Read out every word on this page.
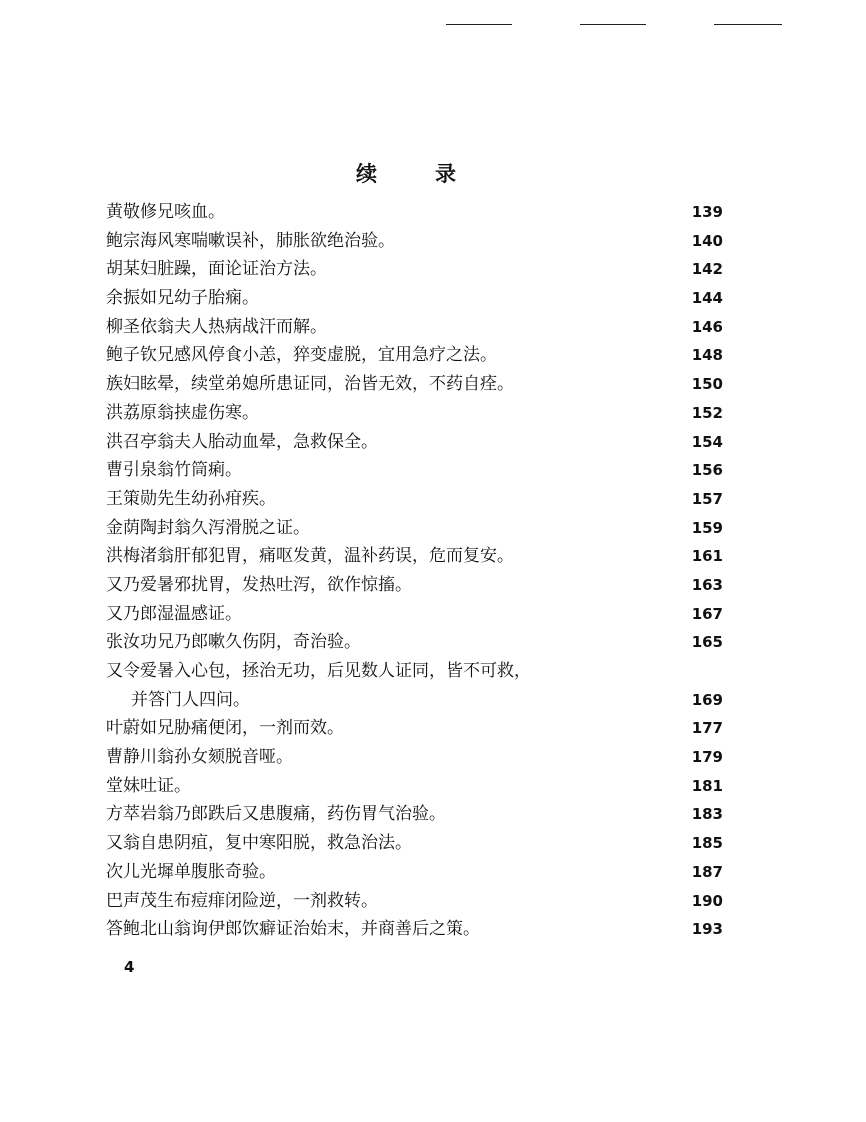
续录
黄敬修兄咳血。	139
鲍宗海风寒喘嗽误补，肺胀欲绝治验。	140
胡某妇脏躁，面论证治方法。	142
余振如兄幼子胎痫。	144
柳圣依翁夫人热病战汗而解。	146
鲍子钦兄感风停食小恙，猝变虚脱，宜用急疗之法。	148
族妇眩晕，续堂弟媳所患证同，治皆无效，不药自痊。	150
洪荔原翁挟虚伤寒。	152
洪召亭翁夫人胎动血晕，急救保全。	154
曹引泉翁竹筒痢。	156
王策勋先生幼孙疳疾。	157
金荫陶封翁久泻滑脱之证。	159
洪梅渚翁肝郁犯胃，痛呕发黄，温补药误，危而复安。	161
又乃爱暑邪扰胃，发热吐泻，欲作惊搐。	163
又乃郎湿温感证。	167
张汝功兄乃郎嗽久伤阴，奇治验。	165
又令爱暑入心包，拯治无功，后见数人证同，皆不可救，
并答门人四问。	169
叶蔚如兄胁痛便闭，一剂而效。	177
曹静川翁孙女颏脱音哑。	179
堂妹吐证。	181
方萃岩翁乃郎跌后又患腹痛，药伤胃气治验。	183
又翁自患阴疽，复中寒阳脱，救急治法。	185
次儿光墀单腹胀奇验。	187
巴声茂生布痘痱闭险逆，一剂救转。	190
答鲍北山翁询伊郎饮癖证治始末，并商善后之策。	193
4
